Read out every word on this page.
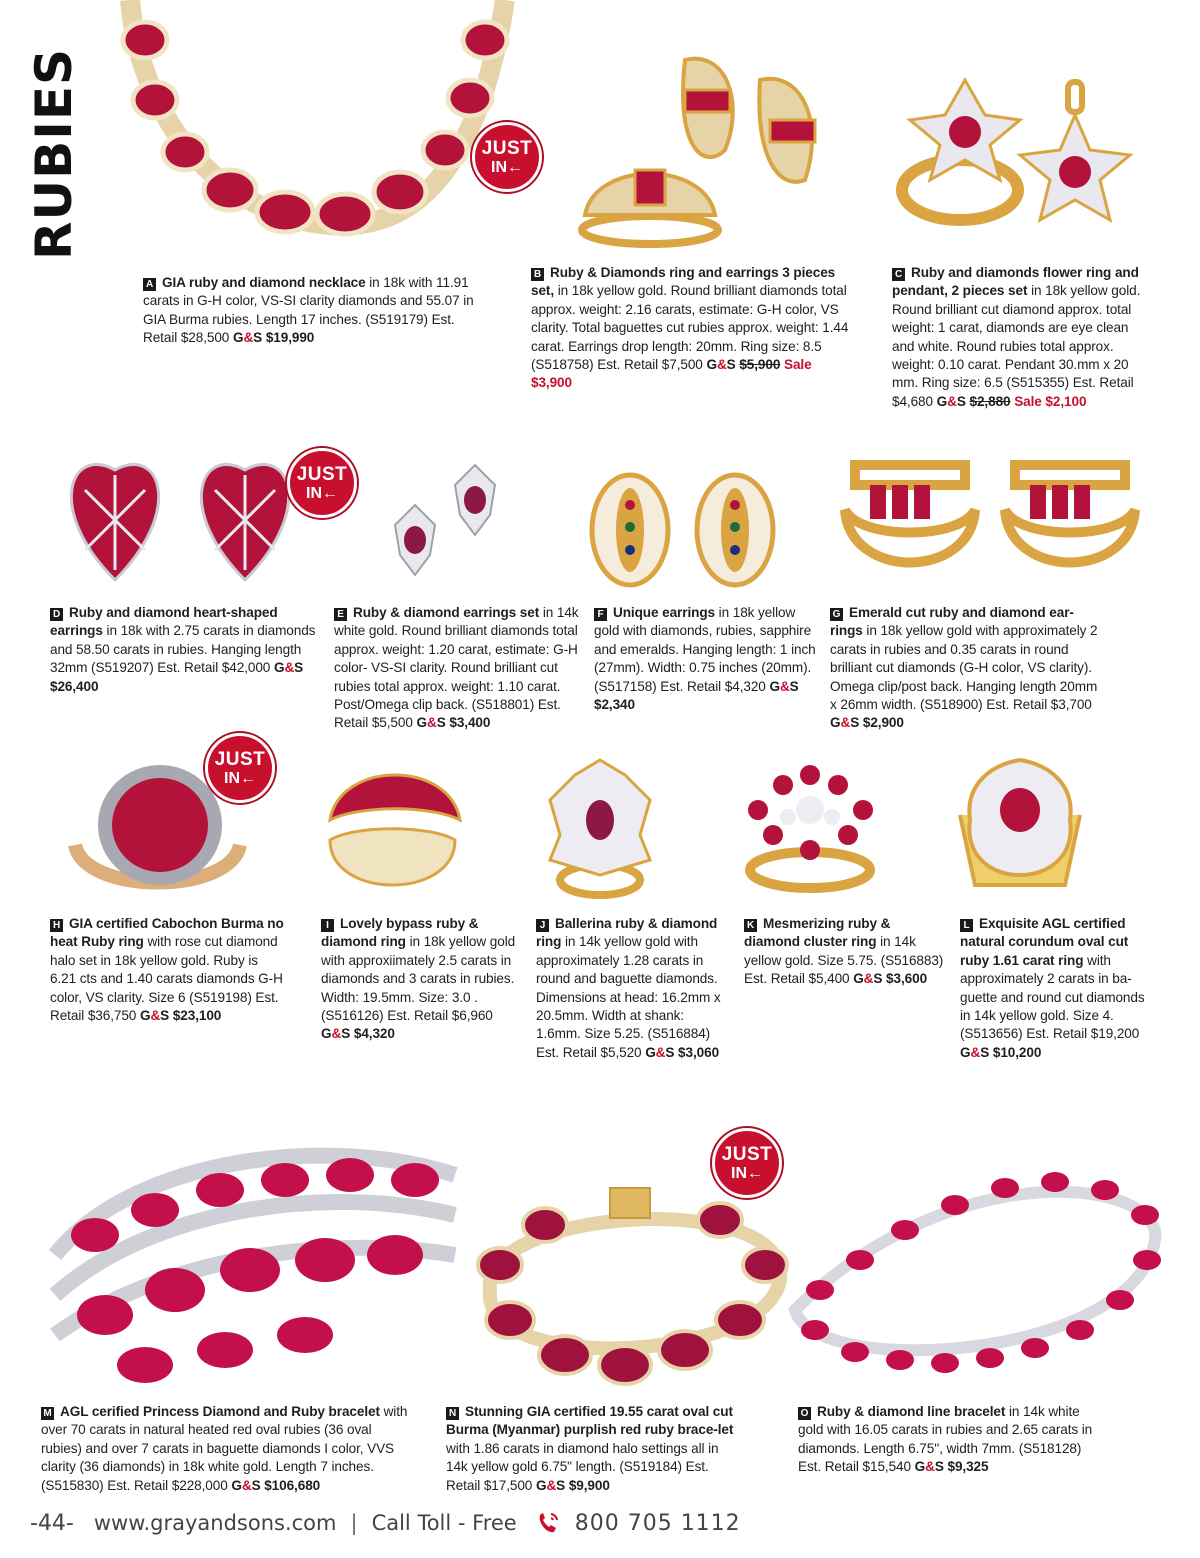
RUBIES	JUST
IN←
JUST
IN←
JUST
IN←
JUST
IN←
A GIA ruby and diamond necklace in 18k with 11.91 carats in G-H color, VS-SI clarity diamonds and 55.07 in GIA Burma rubies. Length 17 inches. (S519179) Est. Retail $28,500 G&S $19,990
B Ruby & Diamonds ring and earrings 3 pieces set, in 18k yellow gold. Round brilliant diamonds total approx. weight: 2.16 carats, estimate: G-H color, VS clarity. Total baguettes cut rubies approx. weight: 1.44 carat. Earrings drop length: 20mm. Ring size: 8.5 (S518758) Est. Retail $7,500 G&S $5,900 Sale $3,900
C Ruby and diamonds flower ring and pendant, 2 pieces set in 18k yellow gold. Round brilliant cut diamond approx. total weight: 1 carat, diamonds are eye clean and white. Round rubies total approx. weight: 0.10 carat. Pendant 30.mm x 20 mm. Ring size: 6.5 (S515355) Est. Retail $4,680 G&S $2,880 Sale $2,100
D Ruby and diamond heart-shaped earrings in 18k with 2.75 carats in diamonds and 58.50 carats in rubies. Hanging length 32mm (S519207) Est. Retail $42,000 G&S $26,400
E Ruby & diamond earrings set in 14k white gold. Round brilliant diamonds total approx. weight: 1.20 carat, estimate: G-H color- VS-SI clarity. Round brilliant cut rubies total approx. weight: 1.10 carat. Post/Omega clip back. (S518801) Est. Retail $5,500 G&S $3,400
F Unique earrings in 18k yellow gold with diamonds, rubies, sapphire and emeralds. Hanging length: 1 inch (27mm). Width: 0.75 inches (20mm). (S517158) Est. Retail $4,320 G&S $2,340
G Emerald cut ruby and diamond ear-rings in 18k yellow gold with approximately 2 carats in rubies and 0.35 carats in round brilliant cut diamonds (G-H color, VS clarity). Omega clip/post back. Hanging length 20mm x 26mm width. (S518900) Est. Retail $3,700 G&S $2,900
H GIA certified Cabochon Burma no heat Ruby ring with rose cut diamond halo set in 18k yellow gold. Ruby is 6.21 cts and 1.40 carats diamonds G-H color, VS clarity. Size 6 (S519198) Est. Retail $36,750 G&S $23,100
I Lovely bypass ruby & diamond ring in 18k yellow gold with approxiimately 2.5 carats in diamonds and 3 carats in rubies. Width: 19.5mm. Size: 3.0 . (S516126) Est. Retail $6,960 G&S $4,320
J Ballerina ruby & diamond ring in 14k yellow gold with approximately 1.28 carats in round and baguette diamonds. Dimensions at head: 16.2mm x 20.5mm. Width at shank: 1.6mm. Size 5.25. (S516884) Est. Retail $5,520 G&S $3,060
K Mesmerizing ruby & diamond cluster ring in 14k yellow gold. Size 5.75. (S516883) Est. Retail $5,400 G&S $3,600
L Exquisite AGL certified natural corundum oval cut ruby 1.61 carat ring with approximately 2 carats in ba-guette and round cut diamonds in 14k yellow gold. Size 4. (S513656) Est. Retail $19,200 G&S $10,200
M AGL cerified Princess Diamond and Ruby bracelet with over 70 carats in natural heated red oval rubies (36 oval rubies) and over 7 carats in baguette diamonds I color, VVS clarity (36 diamonds) in 18k white gold. Length 7 inches. (S515830) Est. Retail $228,000 G&S $106,680
N Stunning GIA certified 19.55 carat oval cut Burma (Myanmar) purplish red ruby brace-let with 1.86 carats in diamond halo settings all in 14k yellow gold 6.75" length. (S519184) Est. Retail $17,500 G&S $9,900
O Ruby & diamond line bracelet in 14k white gold with 16.05 carats in rubies and 2.65 carats in diamonds. Length 6.75'', width 7mm. (S518128) Est. Retail $15,540 G&S $9,325
-44- www.grayandsons.com | Call Toll - Free	800 705 1112
